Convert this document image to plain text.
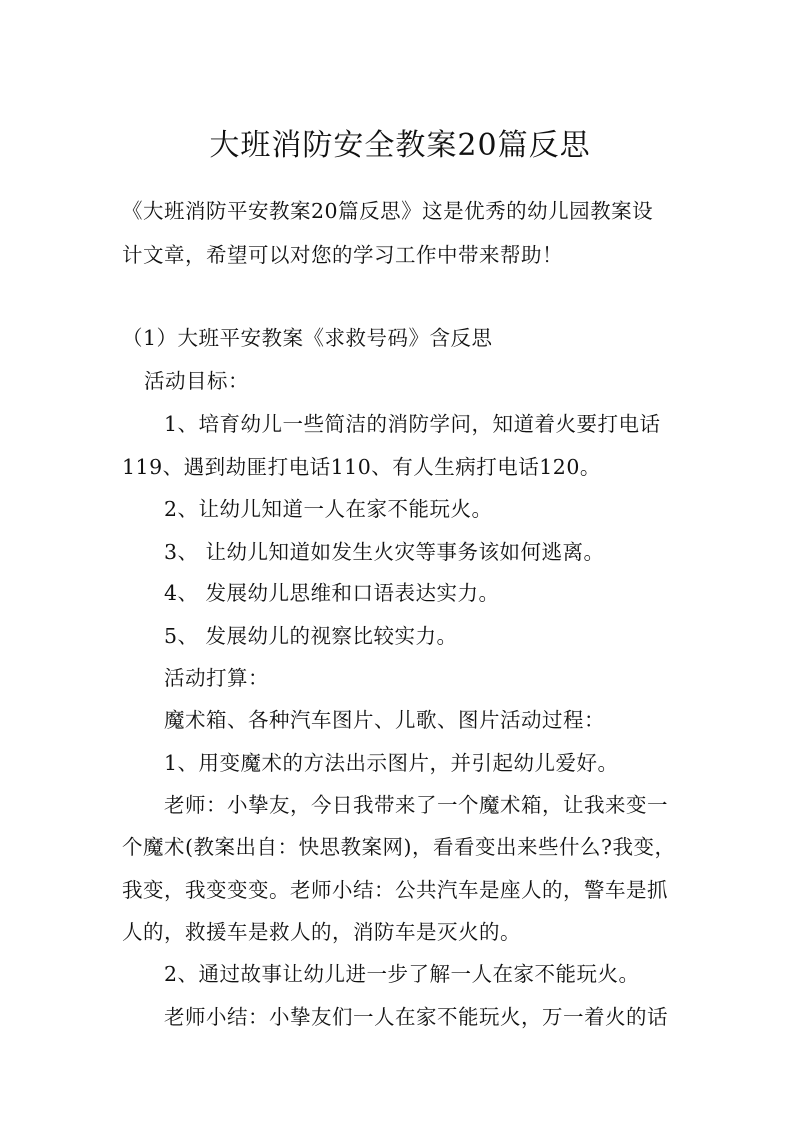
大班消防安全教案20篇反思
《大班消防平安教案20篇反思》这是优秀的幼儿园教案设
计文章，希望可以对您的学习工作中带来帮助！
（1）大班平安教案《求救号码》含反思
活动目标：
1、培育幼儿一些简洁的消防学问，知道着火要打电话
119、遇到劫匪打电话110、有人生病打电话120。
2、让幼儿知道一人在家不能玩火。
3、 让幼儿知道如发生火灾等事务该如何逃离。
4、 发展幼儿思维和口语表达实力。
5、 发展幼儿的视察比较实力。
活动打算：
魔术箱、各种汽车图片、儿歌、图片活动过程：
1、用变魔术的方法出示图片，并引起幼儿爱好。
老师：小挚友，今日我带来了一个魔术箱，让我来变一
个魔术(教案出自：快思教案网)，看看变出来些什么?我变，
我变，我变变变。老师小结：公共汽车是座人的，警车是抓
人的，救援车是救人的，消防车是灭火的。
2、通过故事让幼儿进一步了解一人在家不能玩火。
老师小结：小挚友们一人在家不能玩火，万一着火的话
